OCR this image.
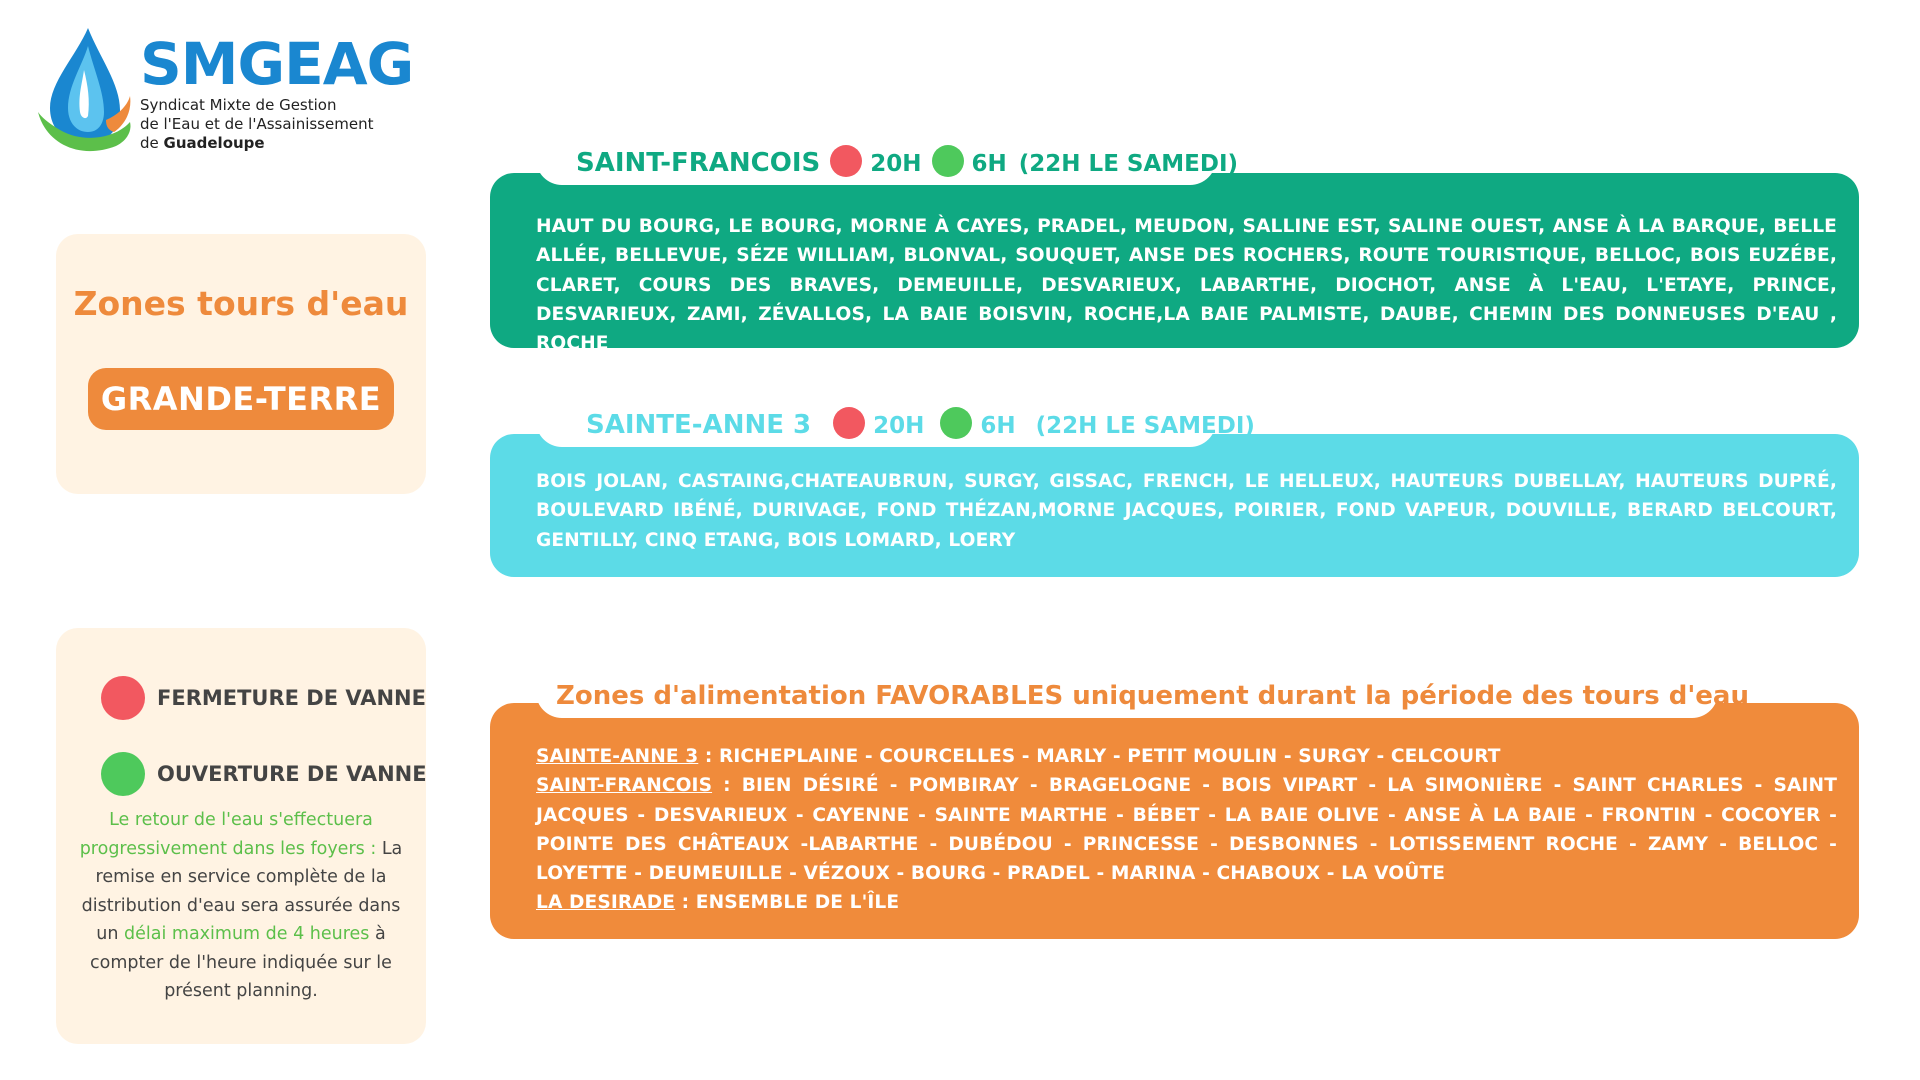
SMGEAG
Syndicat Mixte de Gestion
de l'Eau et de l'Assainissement
de Guadeloupe
Zones tours d'eau
GRANDE-TERRE
FERMETURE DE VANNE
OUVERTURE DE VANNE
Le retour de l'eau s'effectuera progressivement dans les foyers : La remise en service complète de la distribution d'eau sera assurée dans un délai maximum de 4 heures à compter de l'heure indiquée sur le présent planning.
HAUT DU BOURG, LE BOURG, MORNE À CAYES, PRADEL, MEUDON, SALLINE EST, SALINE OUEST, ANSE À LA BARQUE, BELLE ALLÉE, BELLEVUE, SÉZE WILLIAM, BLONVAL, SOUQUET, ANSE DES ROCHERS, ROUTE TOURISTIQUE, BELLOC, BOIS EUZÉBE, CLARET, COURS DES BRAVES, DEMEUILLE, DESVARIEUX, LABARTHE, DIOCHOT, ANSE À L'EAU, L'ETAYE, PRINCE, DESVARIEUX, ZAMI, ZÉVALLOS, LA BAIE BOISVIN, ROCHE,LA BAIE PALMISTE, DAUBE, CHEMIN DES DONNEUSES D'EAU , ROCHE
SAINT-FRANCOIS 20H 6H (22H LE SAMEDI)
BOIS JOLAN, CASTAING,CHATEAUBRUN, SURGY, GISSAC, FRENCH, LE HELLEUX, HAUTEURS DUBELLAY, HAUTEURS DUPRÉ, BOULEVARD IBÉNÉ, DURIVAGE, FOND THÉZAN,MORNE JACQUES, POIRIER, FOND VAPEUR, DOUVILLE, BERARD BELCOURT, GENTILLY, CINQ ETANG, BOIS LOMARD, LOERY
SAINTE-ANNE 3	20H 6H (22H LE SAMEDI)
SAINTE-ANNE 3 : RICHEPLAINE - COURCELLES - MARLY - PETIT MOULIN - SURGY - CELCOURT
SAINT-FRANCOIS : BIEN DÉSIRÉ - POMBIRAY - BRAGELOGNE - BOIS VIPART - LA SIMONIÈRE - SAINT CHARLES - SAINT JACQUES - DESVARIEUX - CAYENNE - SAINTE MARTHE - BÉBET - LA BAIE OLIVE - ANSE À LA BAIE - FRONTIN - COCOYER -POINTE DES CHÂTEAUX -LABARTHE - DUBÉDOU - PRINCESSE - DESBONNES - LOTISSEMENT ROCHE - ZAMY - BELLOC - LOYETTE - DEUMEUILLE - VÉZOUX - BOURG - PRADEL - MARINA - CHABOUX - LA VOÛTE
LA DESIRADE : ENSEMBLE DE L'ÎLE
Zones d'alimentation FAVORABLES uniquement durant la période des tours d'eau
